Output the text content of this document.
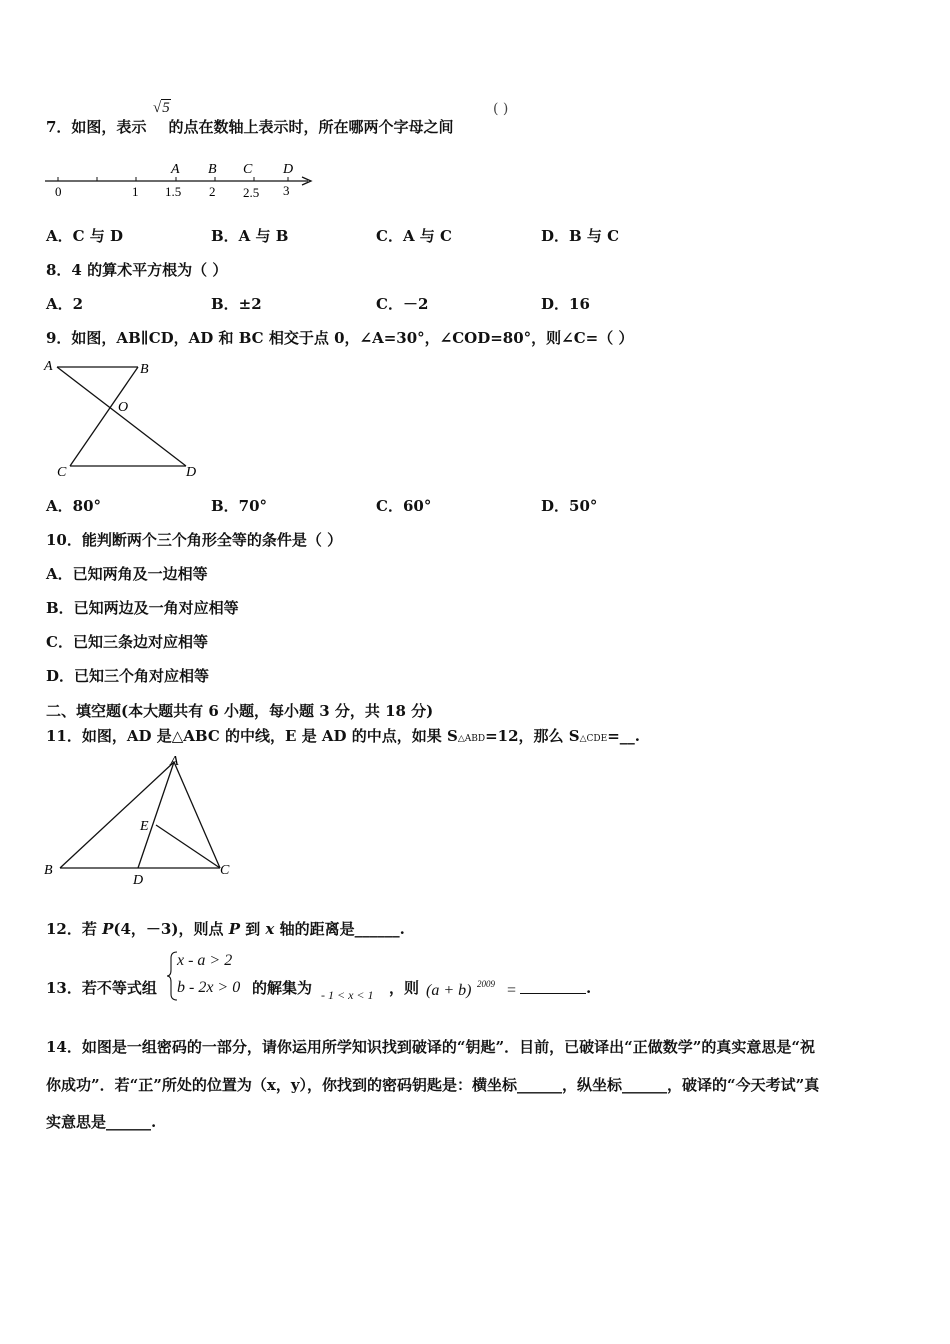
7．如图，表示 的点在数轴上表示时，所在哪两个字母之间
√5	( )
0	1 1.5 2 2.5 3
A B C D
A．C 与 D	B．A 与 B	C．A 与 C	D．B 与 C
8．4 的算术平方根为（ ）
A．2	B．±2	C．－2	D．16
9．如图，AB∥CD，AD 和 BC 相交于点 0，∠A=30°，∠COD=80°，则∠C=（ ）
A	B
O
C	D
A．80°	B．70°	C．60°	D．50°
10．能判断两个三个角形全等的条件是（ ）
A．已知两角及一边相等
B．已知两边及一角对应相等
C．已知三条边对应相等
D．已知三个角对应相等
二、填空题(本大题共有 6 小题，每小题 3 分，共 18 分)
11．如图，AD 是△ABC 的中线，E 是 AD 的中点，如果 S△ABD=12，那么 S△CDE=__.
A
E
B
D
C
12．若 P(4，－3)，则点 P 到 x 轴的距离是______.
13．若不等式组
x - a > 2
b - 2x > 0 的解集为 - 1 < x < 1 ，则 (a + b) 2009 =	.
14．如图是一组密码的一部分，请你运用所学知识找到破译的“钥匙”．目前，已破译出“正做数学”的真实意思是“祝
你成功”．若“正”所处的位置为（x，y），你找到的密码钥匙是：横坐标______，纵坐标______，破译的“今天考试”真
实意思是______.
